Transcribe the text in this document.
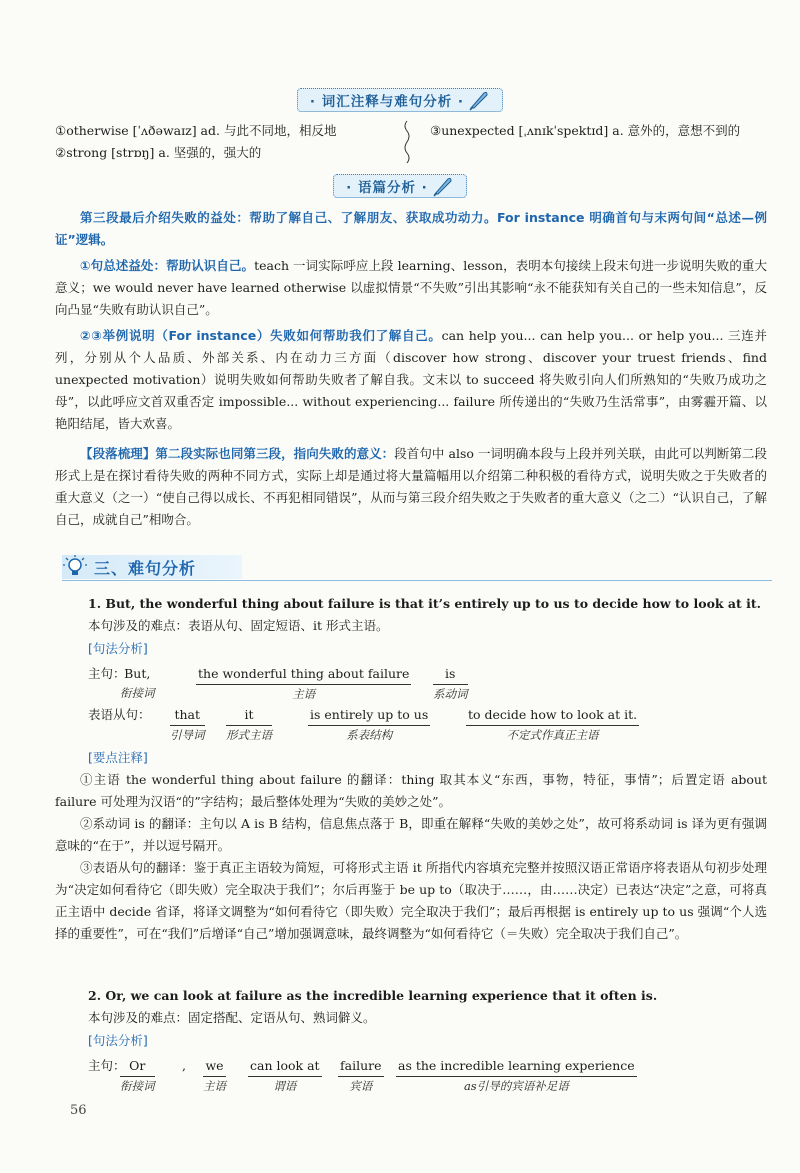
· 词汇注释与难句分析 ·
①otherwise [ˈʌðəwaɪz] ad. 与此不同地，相反地
②strong [strɒŋ] a. 坚强的，强大的
③unexpected [ˌʌnɪkˈspektɪd] a. 意外的，意想不到的
· 语篇分析 ·
第三段最后介绍失败的益处：帮助了解自己、了解朋友、获取成功动力。For instance 明确首句与末两句间“总述—例证”逻辑。
①句总述益处：帮助认识自己。teach 一词实际呼应上段 learning、lesson，表明本句接续上段末句进一步说明失败的重大意义；we would never have learned otherwise 以虚拟情景“不失败”引出其影响“永不能获知有关自己的一些未知信息”，反向凸显“失败有助认识自己”。
②③举例说明（For instance）失败如何帮助我们了解自己。can help you... can help you... or help you... 三连并列，分别从个人品质、外部关系、内在动力三方面（discover how strong、discover your truest friends、find unexpected motivation）说明失败如何帮助失败者了解自我。文末以 to succeed 将失败引向人们所熟知的“失败乃成功之母”，以此呼应文首双重否定 impossible... without experiencing... failure 所传递出的“失败乃生活常事”，由雾霾开篇、以艳阳结尾，皆大欢喜。
【段落梳理】第二段实际也同第三段，指向失败的意义：段首句中 also 一词明确本段与上段并列关联，由此可以判断第二段形式上是在探讨看待失败的两种不同方式，实际上却是通过将大量篇幅用以介绍第二种积极的看待方式，说明失败之于失败者的重大意义（之一）“使自己得以成长、不再犯相同错误”，从而与第三段介绍失败之于失败者的重大意义（之二）“认识自己，了解自己，成就自己”相吻合。
三、难句分析
1. But, the wonderful thing about failure is that it’s entirely up to us to decide how to look at it.
本句涉及的难点：表语从句、固定短语、it 形式主语。
[句法分析]
主句：
But,
衔接词
the wonderful thing about failure
主语
is
系动词
表语从句：	that
引导词
it
形式主语
is entirely up to us
系表结构
to decide how to look at it.
不定式作真正主语
[要点注释]
①主语 the wonderful thing about failure 的翻译：thing 取其本义“东西，事物，特征，事情”；后置定语 about failure 可处理为汉语“的”字结构；最后整体处理为“失败的美妙之处”。
②系动词 is 的翻译：主句以 A is B 结构，信息焦点落于 B，即重在解释“失败的美妙之处”，故可将系动词 is 译为更有强调意味的“在于”，并以逗号隔开。
③表语从句的翻译：鉴于真正主语较为简短，可将形式主语 it 所指代内容填充完整并按照汉语正常语序将表语从句初步处理为“决定如何看待它（即失败）完全取决于我们”；尔后再鉴于 be up to（取决于……，由……决定）已表达“决定”之意，可将真正主语中 decide 省译，将译文调整为“如何看待它（即失败）完全取决于我们”；最后再根据 is entirely up to us 强调“个人选择的重要性”，可在“我们”后增译“自己”增加强调意味，最终调整为“如何看待它（＝失败）完全取决于我们自己”。
2. Or, we can look at failure as the incredible learning experience that it often is.
本句涉及的难点：固定搭配、定语从句、熟词僻义。
[句法分析]
主句： Or
衔接词
, we
主语
can look at
谓语
failure
宾语
as the incredible learning experience
as引导的宾语补足语
56
